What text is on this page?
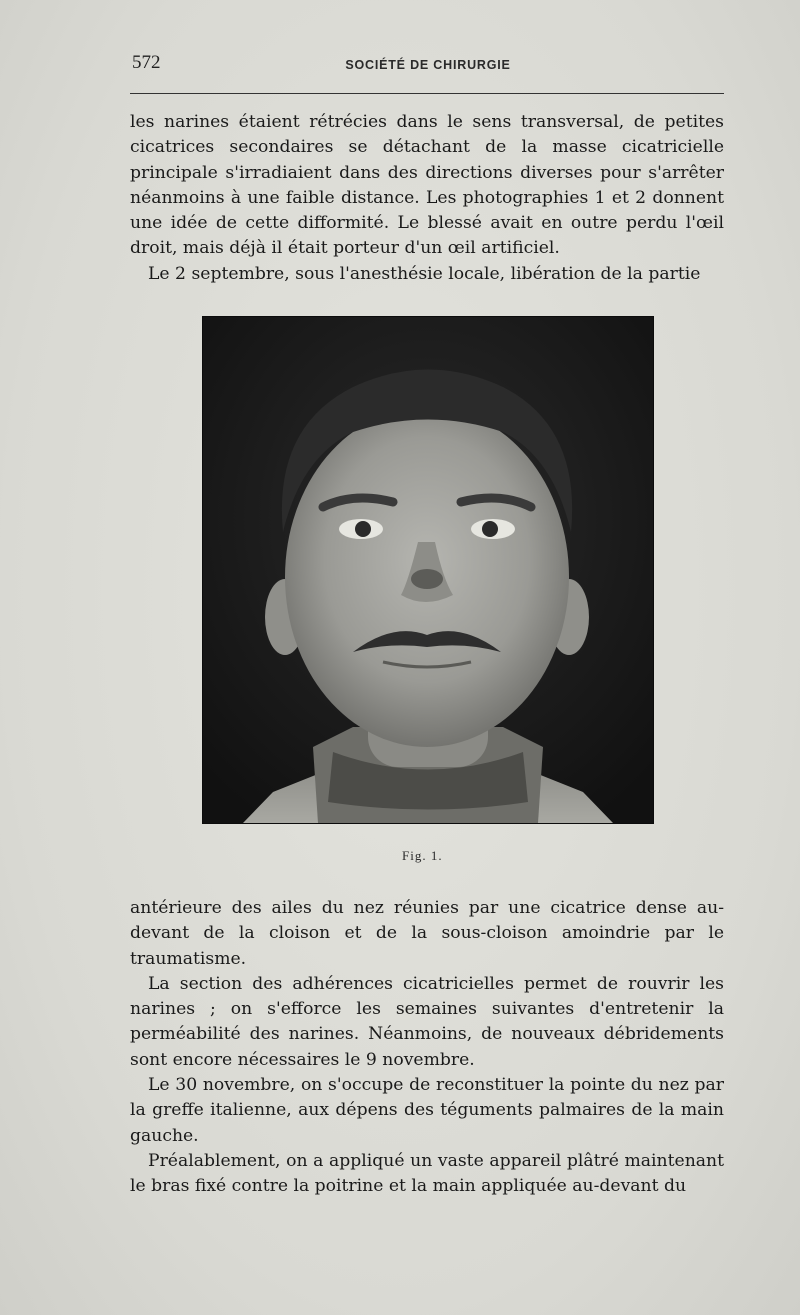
572	SOCIÉTÉ DE CHIRURGIE

les narines étaient rétrécies dans le sens transversal, de petites cicatrices secondaires se détachant de la masse cicatricielle principale s'irradiaient dans des directions diverses pour s'arrêter néanmoins à une faible distance. Les photographies 1 et 2 donnent une idée de cette difformité. Le blessé avait en outre perdu l'œil droit, mais déjà il était porteur d'un œil artificiel.

Le 2 septembre, sous l'anesthésie locale, libération de la partie

Fig. 1.

antérieure des ailes du nez réunies par une cicatrice dense au-devant de la cloison et de la sous-cloison amoindrie par le traumatisme.

La section des adhérences cicatricielles permet de rouvrir les narines ; on s'efforce les semaines suivantes d'entretenir la perméabilité des narines. Néanmoins, de nouveaux débridements sont encore nécessaires le 9 novembre.

Le 30 novembre, on s'occupe de reconstituer la pointe du nez par la greffe italienne, aux dépens des téguments palmaires de la main gauche.

Préalablement, on a appliqué un vaste appareil plâtré maintenant le bras fixé contre la poitrine et la main appliquée au-devant du
